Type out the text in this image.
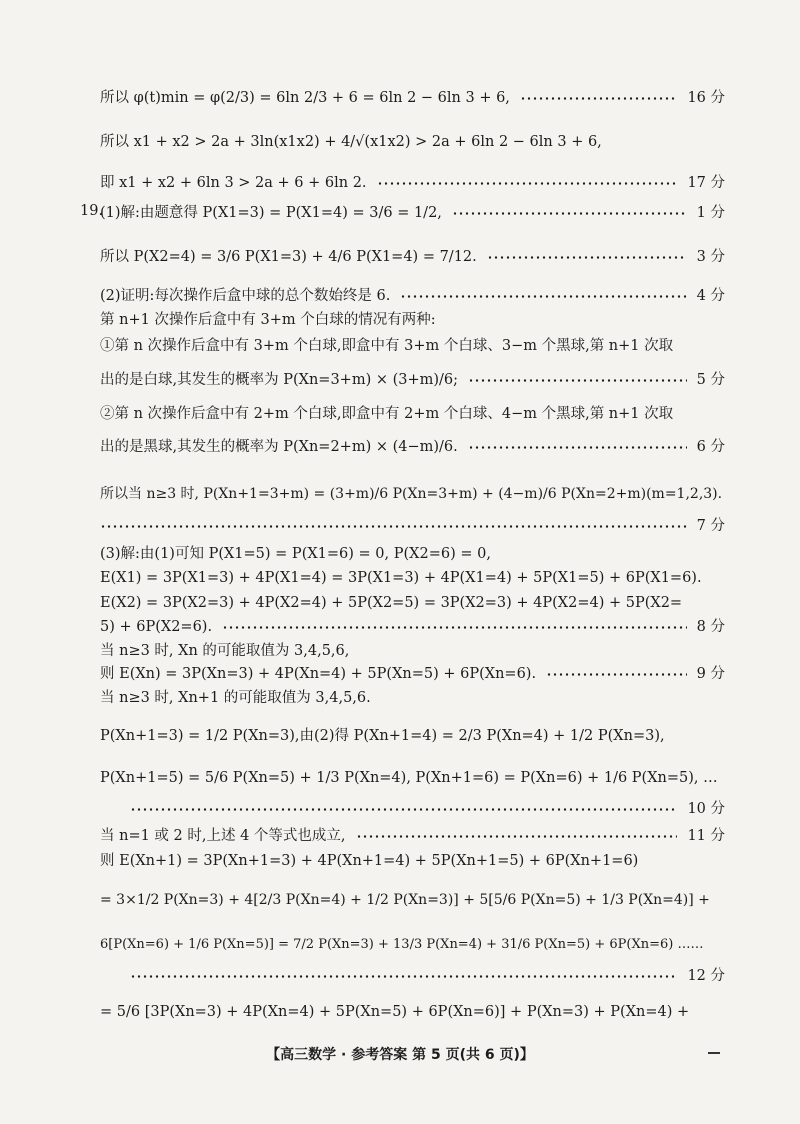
所以 φ(t)min = φ(2/3) = 6ln 2/3 + 6 = 6ln 2 − 6ln 3 + 6,	16 分
所以 x1 + x2 > 2a + 3ln(x1x2) + 4/√(x1x2) > 2a + 6ln 2 − 6ln 3 + 6,
即 x1 + x2 + 6ln 3 > 2a + 6 + 6ln 2.	17 分
19.
(1)解:由题意得 P(X1=3) = P(X1=4) = 3/6 = 1/2,	1 分
所以 P(X2=4) = 3/6 P(X1=3) + 4/6 P(X1=4) = 7/12.	3 分
(2)证明:每次操作后盒中球的总个数始终是 6.	4 分
第 n+1 次操作后盒中有 3+m 个白球的情况有两种:
①第 n 次操作后盒中有 3+m 个白球,即盒中有 3+m 个白球、3−m 个黑球,第 n+1 次取
出的是白球,其发生的概率为 P(Xn=3+m) × (3+m)/6;	5 分
②第 n 次操作后盒中有 2+m 个白球,即盒中有 2+m 个白球、4−m 个黑球,第 n+1 次取
出的是黑球,其发生的概率为 P(Xn=2+m) × (4−m)/6.	6 分
所以当 n≥3 时, P(Xn+1=3+m) = (3+m)/6 P(Xn=3+m) + (4−m)/6 P(Xn=2+m)(m=1,2,3).
7 分
(3)解:由(1)可知 P(X1=5) = P(X1=6) = 0, P(X2=6) = 0,
E(X1) = 3P(X1=3) + 4P(X1=4) = 3P(X1=3) + 4P(X1=4) + 5P(X1=5) + 6P(X1=6).
E(X2) = 3P(X2=3) + 4P(X2=4) + 5P(X2=5) = 3P(X2=3) + 4P(X2=4) + 5P(X2=
5) + 6P(X2=6).	8 分
当 n≥3 时, Xn 的可能取值为 3,4,5,6,
则 E(Xn) = 3P(Xn=3) + 4P(Xn=4) + 5P(Xn=5) + 6P(Xn=6).	9 分
当 n≥3 时, Xn+1 的可能取值为 3,4,5,6.
P(Xn+1=3) = 1/2 P(Xn=3),由(2)得 P(Xn+1=4) = 2/3 P(Xn=4) + 1/2 P(Xn=3),
P(Xn+1=5) = 5/6 P(Xn=5) + 1/3 P(Xn=4), P(Xn+1=6) = P(Xn=6) + 1/6 P(Xn=5), …
10 分
当 n=1 或 2 时,上述 4 个等式也成立,	11 分
则 E(Xn+1) = 3P(Xn+1=3) + 4P(Xn+1=4) + 5P(Xn+1=5) + 6P(Xn+1=6)
= 3×1/2 P(Xn=3) + 4[2/3 P(Xn=4) + 1/2 P(Xn=3)] + 5[5/6 P(Xn=5) + 1/3 P(Xn=4)] +
6[P(Xn=6) + 1/6 P(Xn=5)] = 7/2 P(Xn=3) + 13/3 P(Xn=4) + 31/6 P(Xn=5) + 6P(Xn=6) ……
12 分
= 5/6 [3P(Xn=3) + 4P(Xn=4) + 5P(Xn=5) + 6P(Xn=6)] + P(Xn=3) + P(Xn=4) +
【高三数学 · 参考答案 第 5 页(共 6 页)】
